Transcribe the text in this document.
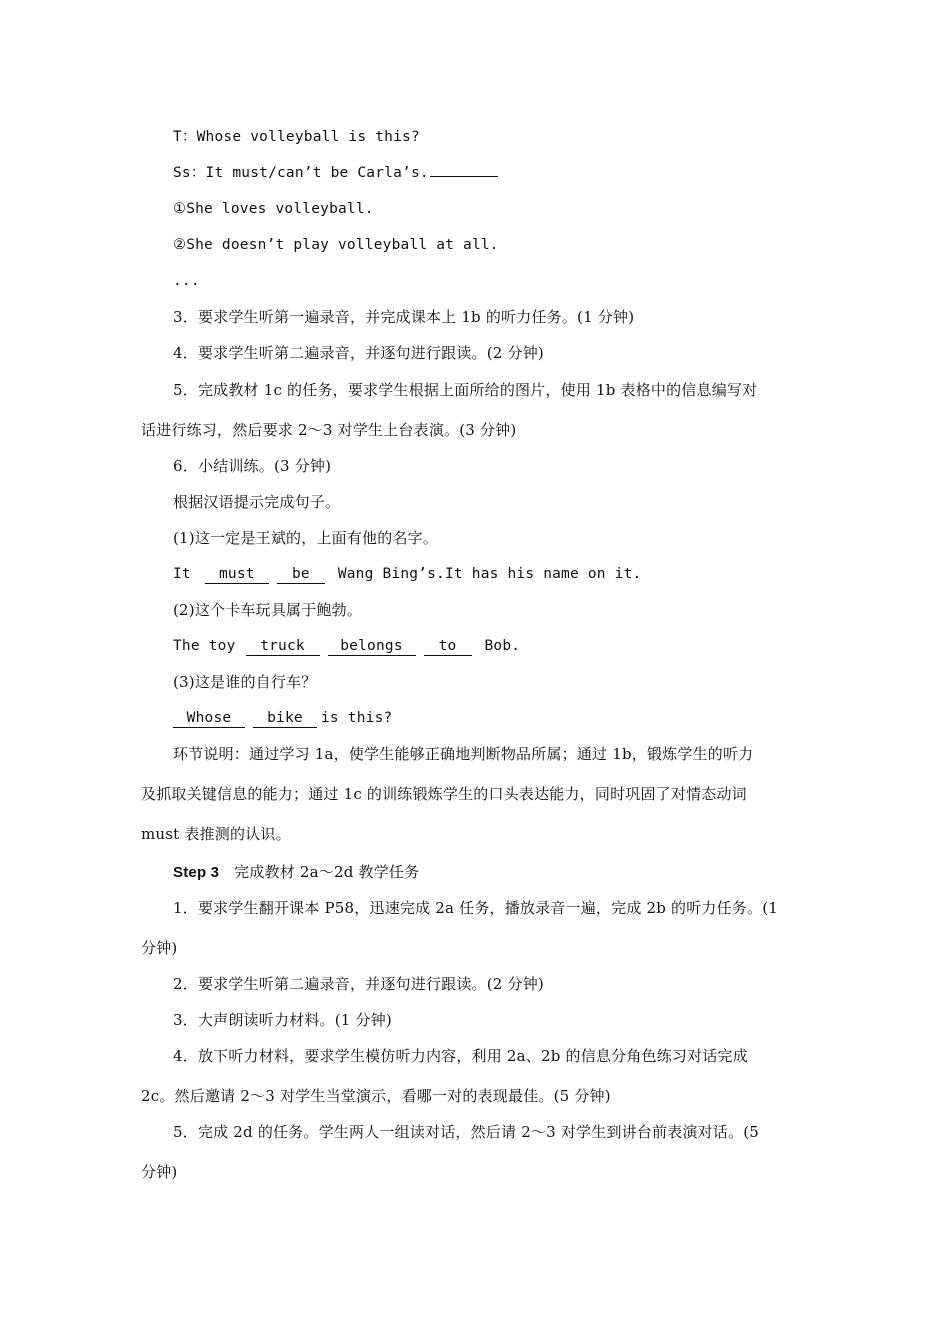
T：Whose volleyball is this?
Ss：It must/can’t be Carla’s.
①She loves volleyball.
②She doesn’t play volleyball at all.
...
3．要求学生听第一遍录音，并完成课本上 1b 的听力任务。(1 分钟)
4．要求学生听第二遍录音，并逐句进行跟读。(2 分钟)
5．完成教材 1c 的任务，要求学生根据上面所给的图片，使用 1b 表格中的信息编写对
话进行练习，然后要求 2～3 对学生上台表演。(3 分钟)
6．小结训练。(3 分钟)
根据汉语提示完成句子。
(1)这一定是王斌的，上面有他的名字。
It must	be Wang Bing’s.It has his name on it.
(2)这个卡车玩具属于鲍勃。
The toy truck belongs to Bob.
(3)这是谁的自行车？
Whose bike is this?
环节说明：通过学习 1a，使学生能够正确地判断物品所属；通过 1b，锻炼学生的听力
及抓取关键信息的能力；通过 1c 的训练锻炼学生的口头表达能力，同时巩固了对情态动词
must 表推测的认识。
Step 3 完成教材 2a～2d 教学任务
1．要求学生翻开课本 P58，迅速完成 2a 任务，播放录音一遍，完成 2b 的听力任务。(1
分钟)
2．要求学生听第二遍录音，并逐句进行跟读。(2 分钟)
3．大声朗读听力材料。(1 分钟)
4．放下听力材料，要求学生模仿听力内容，利用 2a、2b 的信息分角色练习对话完成
2c。然后邀请 2～3 对学生当堂演示，看哪一对的表现最佳。(5 分钟)
5．完成 2d 的任务。学生两人一组读对话，然后请 2～3 对学生到讲台前表演对话。(5
分钟)
